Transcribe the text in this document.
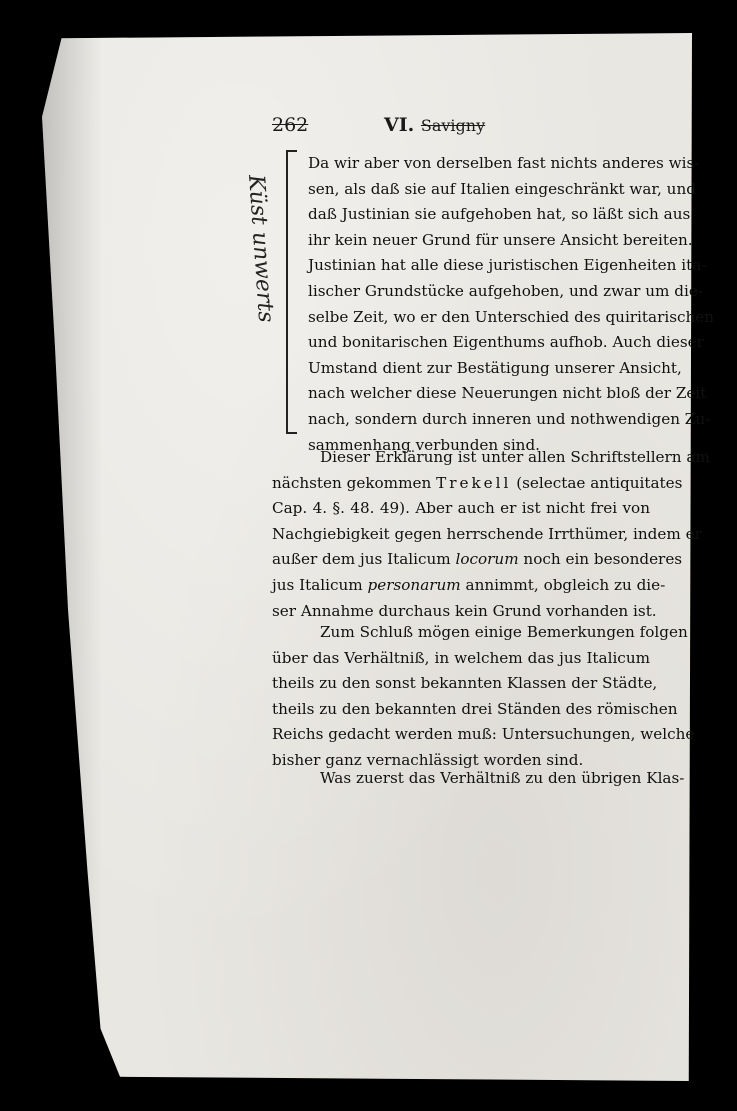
262	VI. Savigny
Küst unwerts
Da wir aber von derselben fast nichts anderes wis-
sen, als daß sie auf Italien eingeschränkt war, und
daß Justinian sie aufgehoben hat, so läßt sich aus
ihr kein neuer Grund für unsere Ansicht bereiten.
Justinian hat alle diese juristischen Eigenheiten ita-
lischer Grundstücke aufgehoben, und zwar um die-
selbe Zeit, wo er den Unterschied des quiritarischen
und bonitarischen Eigenthums aufhob. Auch dieser
Umstand dient zur Bestätigung unserer Ansicht,
nach welcher diese Neuerungen nicht bloß der Zeit
nach, sondern durch inneren und nothwendigen Zu-
sammenhang verbunden sind.
Dieser Erklärung ist unter allen Schriftstellern am
nächsten gekommen Trekell (selectae antiquitates
Cap. 4. §. 48. 49). Aber auch er ist nicht frei von
Nachgiebigkeit gegen herrschende Irrthümer, indem er
außer dem jus Italicum locorum noch ein besonderes
jus Italicum personarum annimmt, obgleich zu die-
ser Annahme durchaus kein Grund vorhanden ist.
Zum Schluß mögen einige Bemerkungen folgen
über das Verhältniß, in welchem das jus Italicum
theils zu den sonst bekannten Klassen der Städte,
theils zu den bekannten drei Ständen des römischen
Reichs gedacht werden muß: Untersuchungen, welche
bisher ganz vernachlässigt worden sind.
Was zuerst das Verhältniß zu den übrigen Klas-
